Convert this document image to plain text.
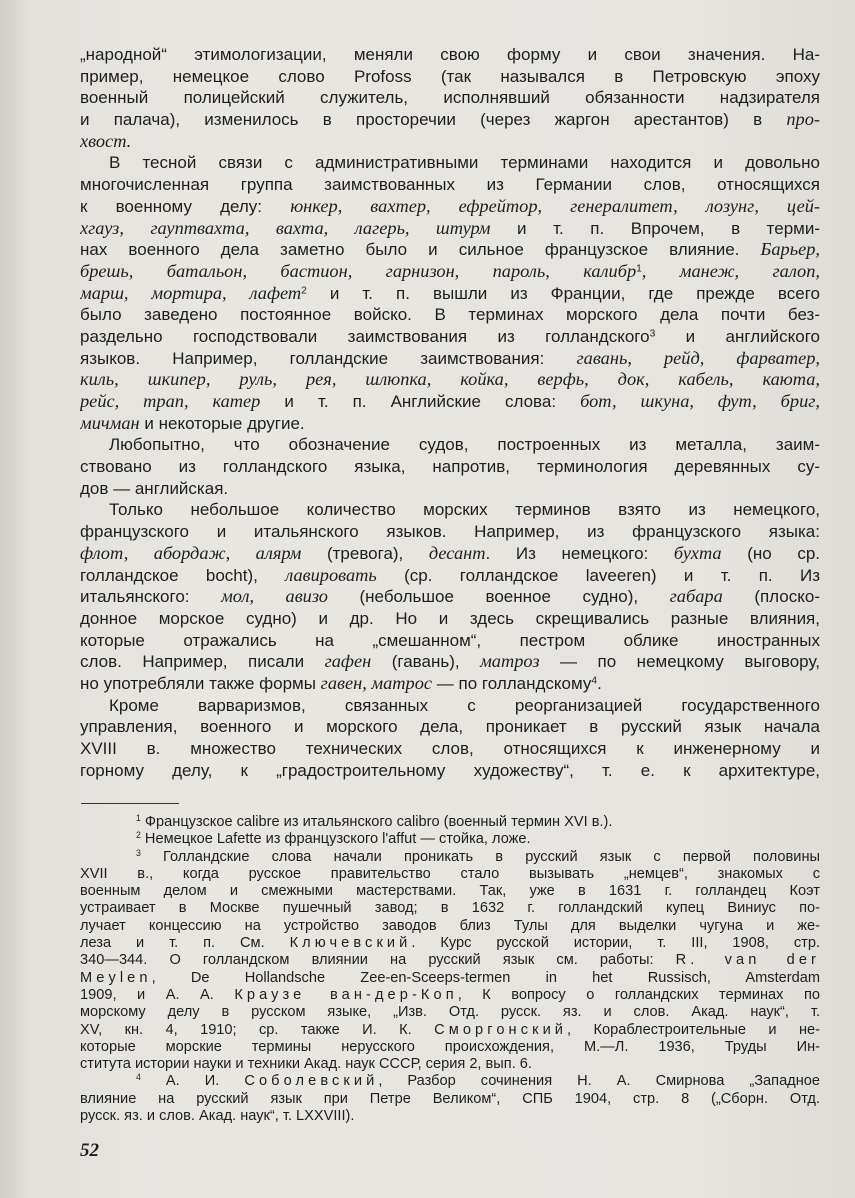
„народной“ этимологизации, меняли свою форму и свои значения. На-
пример, немецкое слово Profoss (так назывался в Петровскую эпоху
военный полицейский служитель, исполнявший обязанности надзирателя
и палача), изменилось в просторечии (через жаргон арестантов) в про-
хвост.
В тесной связи с административными терминами находится и довольно
многочисленная группа заимствованных из Германии слов, относящихся
к военному делу: юнкер, вахтер, ефрейтор, генералитет, лозунг, цей-
хгауз, гауптвахта, вахта, лагерь, штурм и т. п. Впрочем, в терми-
нах военного дела заметно было и сильное французское влияние. Барьер,
брешь, батальон, бастион, гарнизон, пароль, калибр$^1$, манеж, галоп,
марш, мортира, лафет$^2$ и т. п. вышли из Франции, где прежде всего
было заведено постоянное войско. В терминах морского дела почти без-
раздельно господствовали заимствования из голландского$^3$ и английского
языков. Например, голландские заимствования: гавань, рейд, фарватер,
киль, шкипер, руль, рея, шлюпка, койка, верфь, док, кабель, каюта,
рейс, трап, катер и т. п. Английские слова: бот, шкуна, фут, бриг,
мичман и некоторые другие.
Любопытно, что обозначение судов, построенных из металла, заим-
ствовано из голландского языка, напротив, терминология деревянных су-
дов — английская.
Только небольшое количество морских терминов взято из немецкого,
французского и итальянского языков. Например, из французского языка:
флот, абордаж, алярм (тревога), десант. Из немецкого: бухта (но ср.
голландское bocht), лавировать (ср. голландское laveeren) и т. п. Из
итальянского: мол, авизо (небольшое военное судно), габара (плоско-
донное морское судно) и др. Но и здесь скрещивались разные влияния,
которые отражались на „смешанном“, пестром облике иностранных
слов. Например, писали гафен (гавань), матроз — по немецкому выговору,
но употребляли также формы гавен, матрос — по голландскому$^4$.
Кроме варваризмов, связанных с реорганизацией государственного
управления, военного и морского дела, проникает в русский язык начала
XVIII в. множество технических слов, относящихся к инженерному и
горному делу, к „градостроительному художеству“, т. е. к архитектуре,
$^1$ Французское calibre из итальянского calibro (военный термин XVI в.).
$^2$ Немецкое Lafette из французского l'affut — стойка, ложе.
$^3$ Голландские слова начали проникать в русский язык с первой половины
XVII в., когда русское правительство стало вызывать „немцев“, знакомых с
военным делом и смежными мастерствами. Так, уже в 1631 г. голландец Коэт
устраивает в Москве пушечный завод; в 1632 г. голландский купец Виниус по-
лучает концессию на устройство заводов близ Тулы для выделки чугуна и же-
леза и т. п. См. Ключевский. Курс русской истории, т. III, 1908, стр.
340—344. О голландском влиянии на русский язык см. работы: R. van der
Meylen, De Hollandsche Zee-en-Sceeps-termen in het Russisch, Amsterdam
1909, и А. А. Краузе ван-дер-Коп, К вопросу о голландских терминах по
морскому делу в русском языке, „Изв. Отд. русск. яз. и слов. Акад. наук“, т.
XV, кн. 4, 1910; ср. также И. К. Сморгонский, Кораблестроительные и не-
которые морские термины нерусского происхождения, М.—Л. 1936, Труды Ин-
ститута истории науки и техники Акад. наук СССР, серия 2, вып. 6.
$^4$ А. И. Соболевский, Разбор сочинения Н. А. Смирнова „Западное
влияние на русский язык при Петре Великом“, СПБ 1904, стр. 8 („Сборн. Отд.
русск. яз. и слов. Акад. наук“, т. LXXVIII).
52
